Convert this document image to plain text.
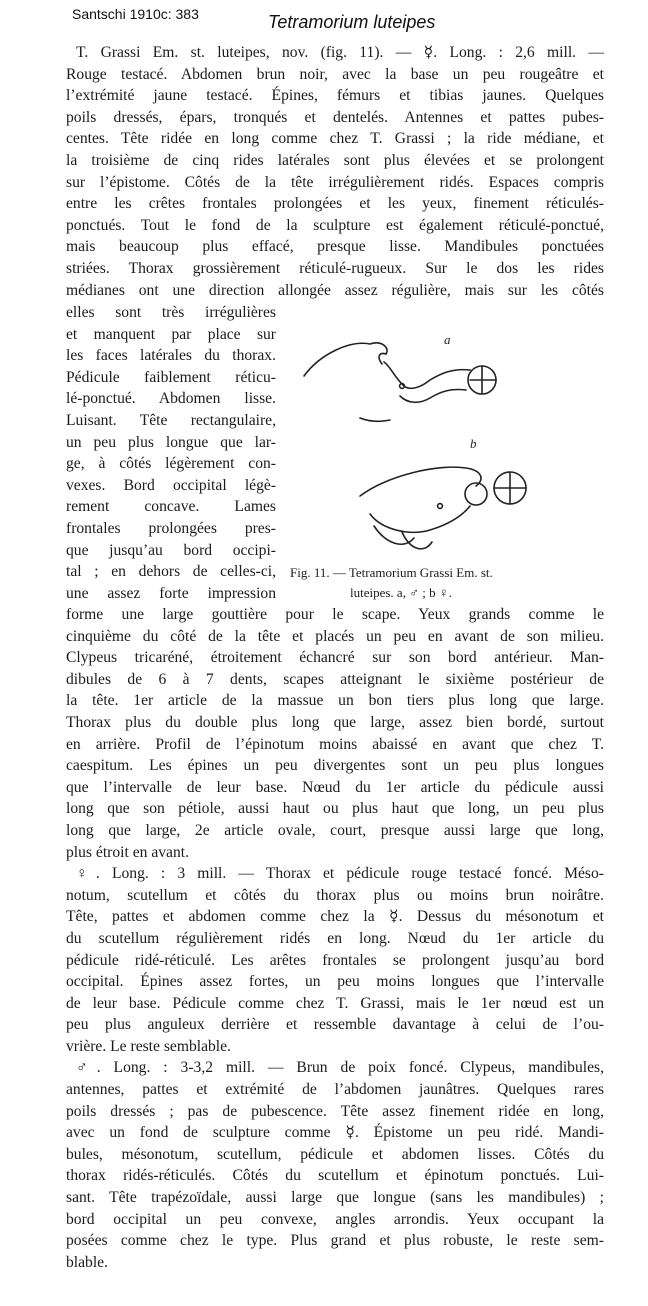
Santschi 1910c: 383	Tetramorium luteipes
T. Grassi Em. st. luteipes, nov. (fig. 11). — ☿. Long. : 2,6 mill. —
Rouge testacé. Abdomen brun noir, avec la base un peu rougeâtre et
l’extrémité jaune testacé. Épines, fémurs et tibias jaunes. Quelques
poils dressés, épars, tronqués et dentelés. Antennes et pattes pubes-
centes. Tête ridée en long comme chez T. Grassi ; la ride médiane, et
la troisième de cinq rides latérales sont plus élevées et se prolongent
sur l’épistome. Côtés de la tête irrégulièrement ridés. Espaces compris
entre les crêtes frontales prolongées et les yeux, finement réticulés-
ponctués. Tout le fond de la sculpture est également réticulé-ponctué,
mais beaucoup plus effacé, presque lisse. Mandibules ponctuées
striées. Thorax grossièrement réticulé-rugueux. Sur le dos les rides
médianes ont une direction allongée assez régulière, mais sur les côtés
elles sont très irrégulières
et manquent par place sur
les faces latérales du thorax.
Pédicule faiblement réticu-
lé-ponctué. Abdomen lisse.
Luisant. Tête rectangulaire,
un peu plus longue que lar-
ge, à côtés légèrement con-
vexes. Bord occipital légè-
rement concave. Lames
frontales prolongées pres-
que jusqu’au bord occipi-
tal ; en dehors de celles-ci,
une assez forte impression
a
b
Fig. 11. — Tetramorium Grassi Em. st.
luteipes. a, ♂ ; b ♀.
forme une large gouttière pour le scape. Yeux grands comme le
cinquième du côté de la tête et placés un peu en avant de son milieu.
Clypeus tricaréné, étroitement échancré sur son bord antérieur. Man-
dibules de 6 à 7 dents, scapes atteignant le sixième postérieur de
la tête. 1er article de la massue un bon tiers plus long que large.
Thorax plus du double plus long que large, assez bien bordé, surtout
en arrière. Profil de l’épinotum moins abaissé en avant que chez T.
caespitum. Les épines un peu divergentes sont un peu plus longues
que l’intervalle de leur base. Nœud du 1er article du pédicule aussi
long que son pétiole, aussi haut ou plus haut que long, un peu plus
long que large, 2e article ovale, court, presque aussi large que long,
plus étroit en avant.
♀. Long. : 3 mill. — Thorax et pédicule rouge testacé foncé. Méso-
notum, scutellum et côtés du thorax plus ou moins brun noirâtre.
Tête, pattes et abdomen comme chez la ☿. Dessus du mésonotum et
du scutellum régulièrement ridés en long. Nœud du 1er article du
pédicule ridé-réticulé. Les arêtes frontales se prolongent jusqu’au bord
occipital. Épines assez fortes, un peu moins longues que l’intervalle
de leur base. Pédicule comme chez T. Grassi, mais le 1er nœud est un
peu plus anguleux derrière et ressemble davantage à celui de l’ou-
vrière. Le reste semblable.
♂. Long. : 3-3,2 mill. — Brun de poix foncé. Clypeus, mandibules,
antennes, pattes et extrémité de l’abdomen jaunâtres. Quelques rares
poils dressés ; pas de pubescence. Tête assez finement ridée en long,
avec un fond de sculpture comme ☿. Épistome un peu ridé. Mandi-
bules, mésonotum, scutellum, pédicule et abdomen lisses. Côtés du
thorax ridés-réticulés. Côtés du scutellum et épinotum ponctués. Lui-
sant. Tête trapézoïdale, aussi large que longue (sans les mandibules) ;
bord occipital un peu convexe, angles arrondis. Yeux occupant la
posées comme chez le type. Plus grand et plus robuste, le reste sem-
blable.
